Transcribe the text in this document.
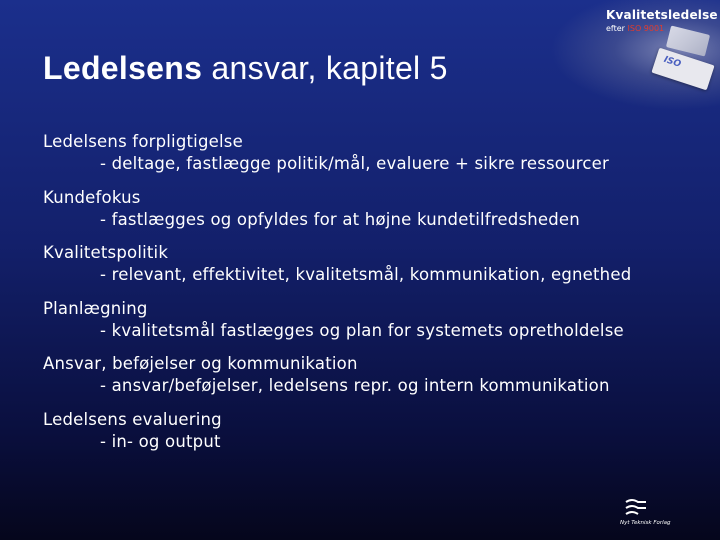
Kvalitetsledelse
efter ISO 9001
ISO
Ledelsens ansvar, kapitel 5
Ledelsens forpligtigelse
- deltage, fastlægge politik/mål, evaluere + sikre ressourcer
Kundefokus
- fastlægges og opfyldes for at højne kundetilfredsheden
Kvalitetspolitik
- relevant, effektivitet, kvalitetsmål, kommunikation, egnethed
Planlægning
- kvalitetsmål fastlægges og plan for systemets opretholdelse
Ansvar, beføjelser og kommunikation
- ansvar/beføjelser, ledelsens repr. og intern kommunikation
Ledelsens evaluering
- in- og output
Nyt Teknisk Forlag
